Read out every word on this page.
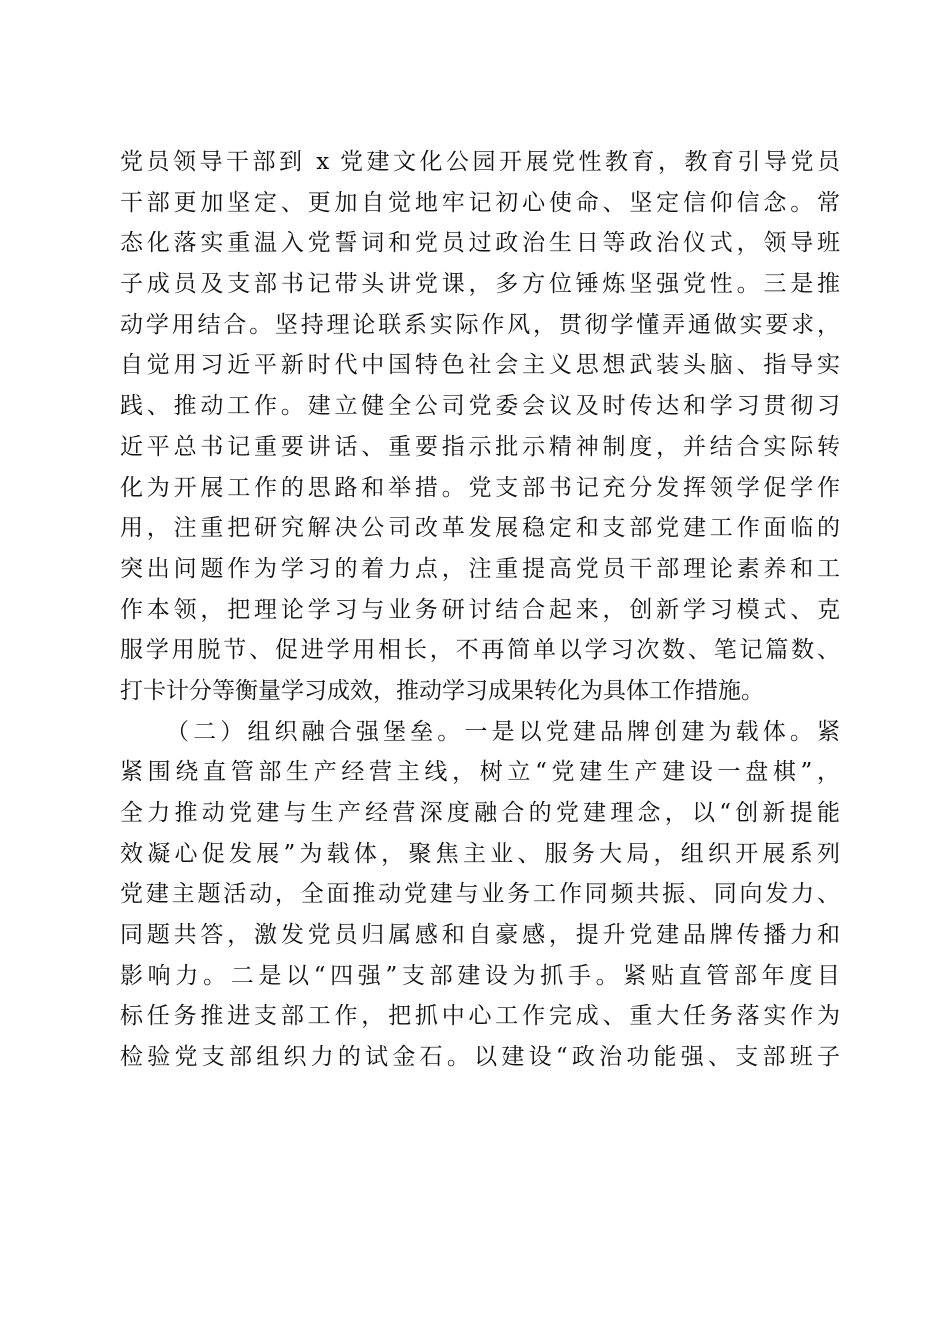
党员领导干部到 x 党建文化公园开展党性教育，教育引导党员
干部更加坚定、更加自觉地牢记初心使命、坚定信仰信念。常
态化落实重温入党誓词和党员过政治生日等政治仪式，领导班
子成员及支部书记带头讲党课，多方位锤炼坚强党性。三是推
动学用结合。坚持理论联系实际作风，贯彻学懂弄通做实要求，
自觉用习近平新时代中国特色社会主义思想武装头脑、指导实
践、推动工作。建立健全公司党委会议及时传达和学习贯彻习
近平总书记重要讲话、重要指示批示精神制度，并结合实际转
化为开展工作的思路和举措。党支部书记充分发挥领学促学作
用，注重把研究解决公司改革发展稳定和支部党建工作面临的
突出问题作为学习的着力点，注重提高党员干部理论素养和工
作本领，把理论学习与业务研讨结合起来，创新学习模式、克
服学用脱节、促进学用相长，不再简单以学习次数、笔记篇数、
打卡计分等衡量学习成效，推动学习成果转化为具体工作措施。
（二）组织融合强堡垒。一是以党建品牌创建为载体。紧
紧围绕直管部生产经营主线，树立“党建生产建设一盘棋”，
全力推动党建与生产经营深度融合的党建理念，以“创新提能
效凝心促发展”为载体，聚焦主业、服务大局，组织开展系列
党建主题活动，全面推动党建与业务工作同频共振、同向发力、
同题共答，激发党员归属感和自豪感，提升党建品牌传播力和
影响力。二是以“四强”支部建设为抓手。紧贴直管部年度目
标任务推进支部工作，把抓中心工作完成、重大任务落实作为
检验党支部组织力的试金石。以建设“政治功能强、支部班子
